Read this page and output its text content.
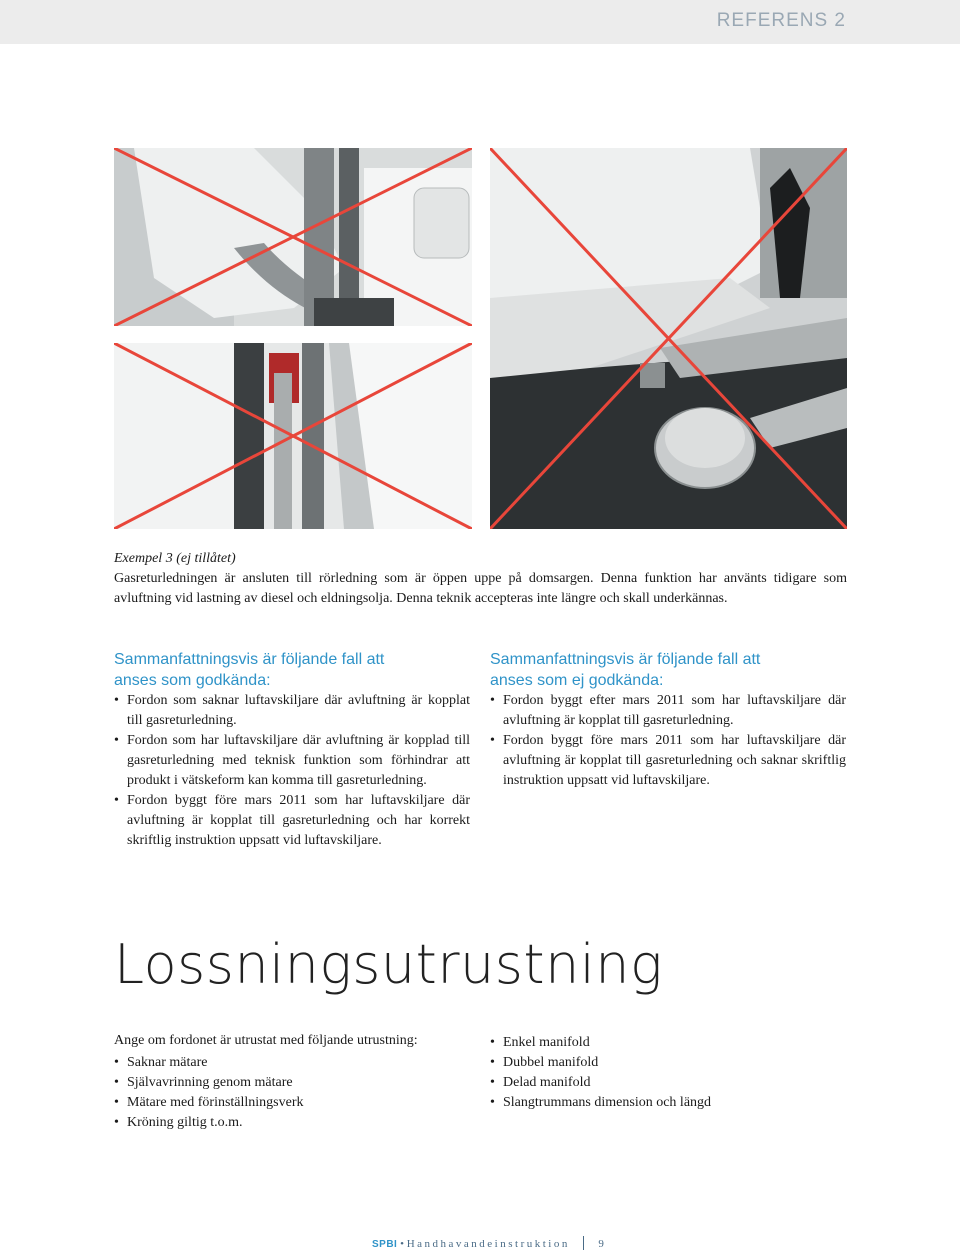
REFERENS 2
Exempel 3 (ej tillåtet)
Gasreturledningen är ansluten till rörledning som är öppen uppe på domsargen. Denna funktion har använts tidigare som avluftning vid lastning av diesel och eldningsolja. Denna teknik accepteras inte längre och skall underkännas.
Sammanfattningsvis är följande fall att
anses som godkända:
• Fordon som saknar luftavskiljare där avluftning är kopplat till gasreturledning.
• Fordon som har luftavskiljare där avluftning är kopplad till gasreturledning med teknisk funktion som förhindrar att produkt i vätskeform kan komma till gasreturledning.
• Fordon byggt före mars 2011 som har luftavskiljare där avluftning är kopplat till gasreturledning och har korrekt skriftlig instruktion uppsatt vid luftavskiljare.
Sammanfattningsvis är följande fall att
anses som ej godkända:
• Fordon byggt efter mars 2011 som har luftavskiljare där avluftning är kopplat till gasreturledning.
• Fordon byggt före mars 2011 som har luftavskiljare där avluftning är kopplat till gasreturledning och saknar skriftlig instruktion uppsatt vid luftavskiljare.
Lossningsutrustning
Ange om fordonet är utrustat med följande utrustning:
• Saknar mätare
• Självavrinning genom mätare
• Mätare med förinställningsverk
• Kröning giltig t.o.m.
• Enkel manifold
• Dubbel manifold
• Delad manifold
• Slangtrummans dimension och längd
SPBI • Handhavandeinstruktion	9
